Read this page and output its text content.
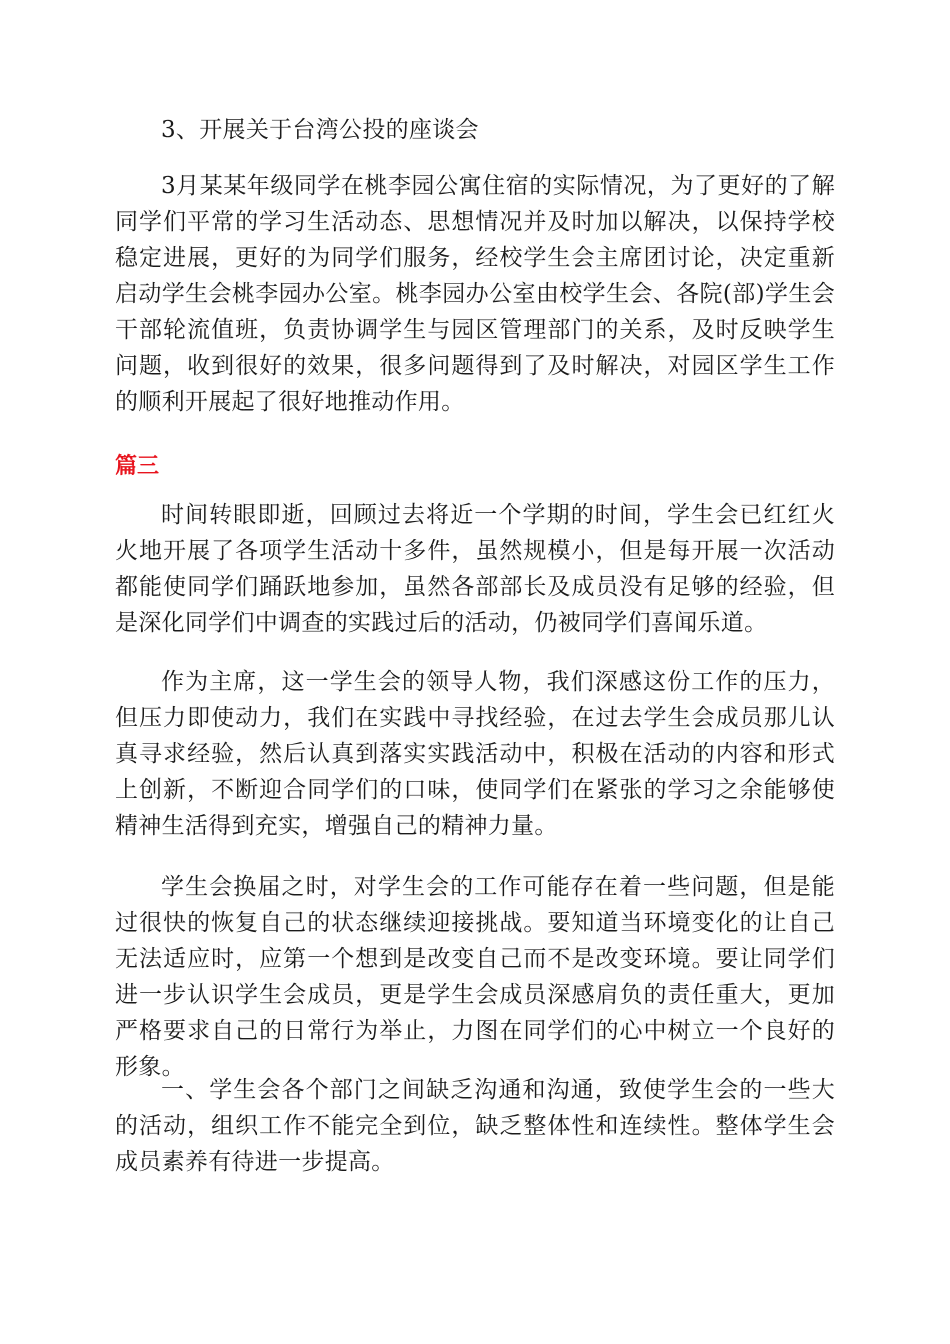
3、开展关于台湾公投的座谈会

3月某某年级同学在桃李园公寓住宿的实际情况，为了更好的了解同学们平常的学习生活动态、思想情况并及时加以解决，以保持学校稳定进展，更好的为同学们服务，经校学生会主席团讨论，决定重新启动学生会桃李园办公室。桃李园办公室由校学生会、各院(部)学生会干部轮流值班，负责协调学生与园区管理部门的关系，及时反映学生问题，收到很好的效果，很多问题得到了及时解决，对园区学生工作的顺利开展起了很好地推动作用。

篇三

时间转眼即逝，回顾过去将近一个学期的时间，学生会已红红火火地开展了各项学生活动十多件，虽然规模小，但是每开展一次活动都能使同学们踊跃地参加，虽然各部部长及成员没有足够的经验，但是深化同学们中调查的实践过后的活动，仍被同学们喜闻乐道。

作为主席，这一学生会的领导人物，我们深感这份工作的压力，但压力即使动力，我们在实践中寻找经验，在过去学生会成员那儿认真寻求经验，然后认真到落实实践活动中，积极在活动的内容和形式上创新，不断迎合同学们的口味，使同学们在紧张的学习之余能够使精神生活得到充实，增强自己的精神力量。

学生会换届之时，对学生会的工作可能存在着一些问题，但是能过很快的恢复自己的状态继续迎接挑战。要知道当环境变化的让自己无法适应时，应第一个想到是改变自己而不是改变环境。要让同学们进一步认识学生会成员，更是学生会成员深感肩负的责任重大，更加严格要求自己的日常行为举止，力图在同学们的心中树立一个良好的形象。

一、学生会各个部门之间缺乏沟通和沟通，致使学生会的一些大的活动，组织工作不能完全到位，缺乏整体性和连续性。整体学生会成员素养有待进一步提高。
